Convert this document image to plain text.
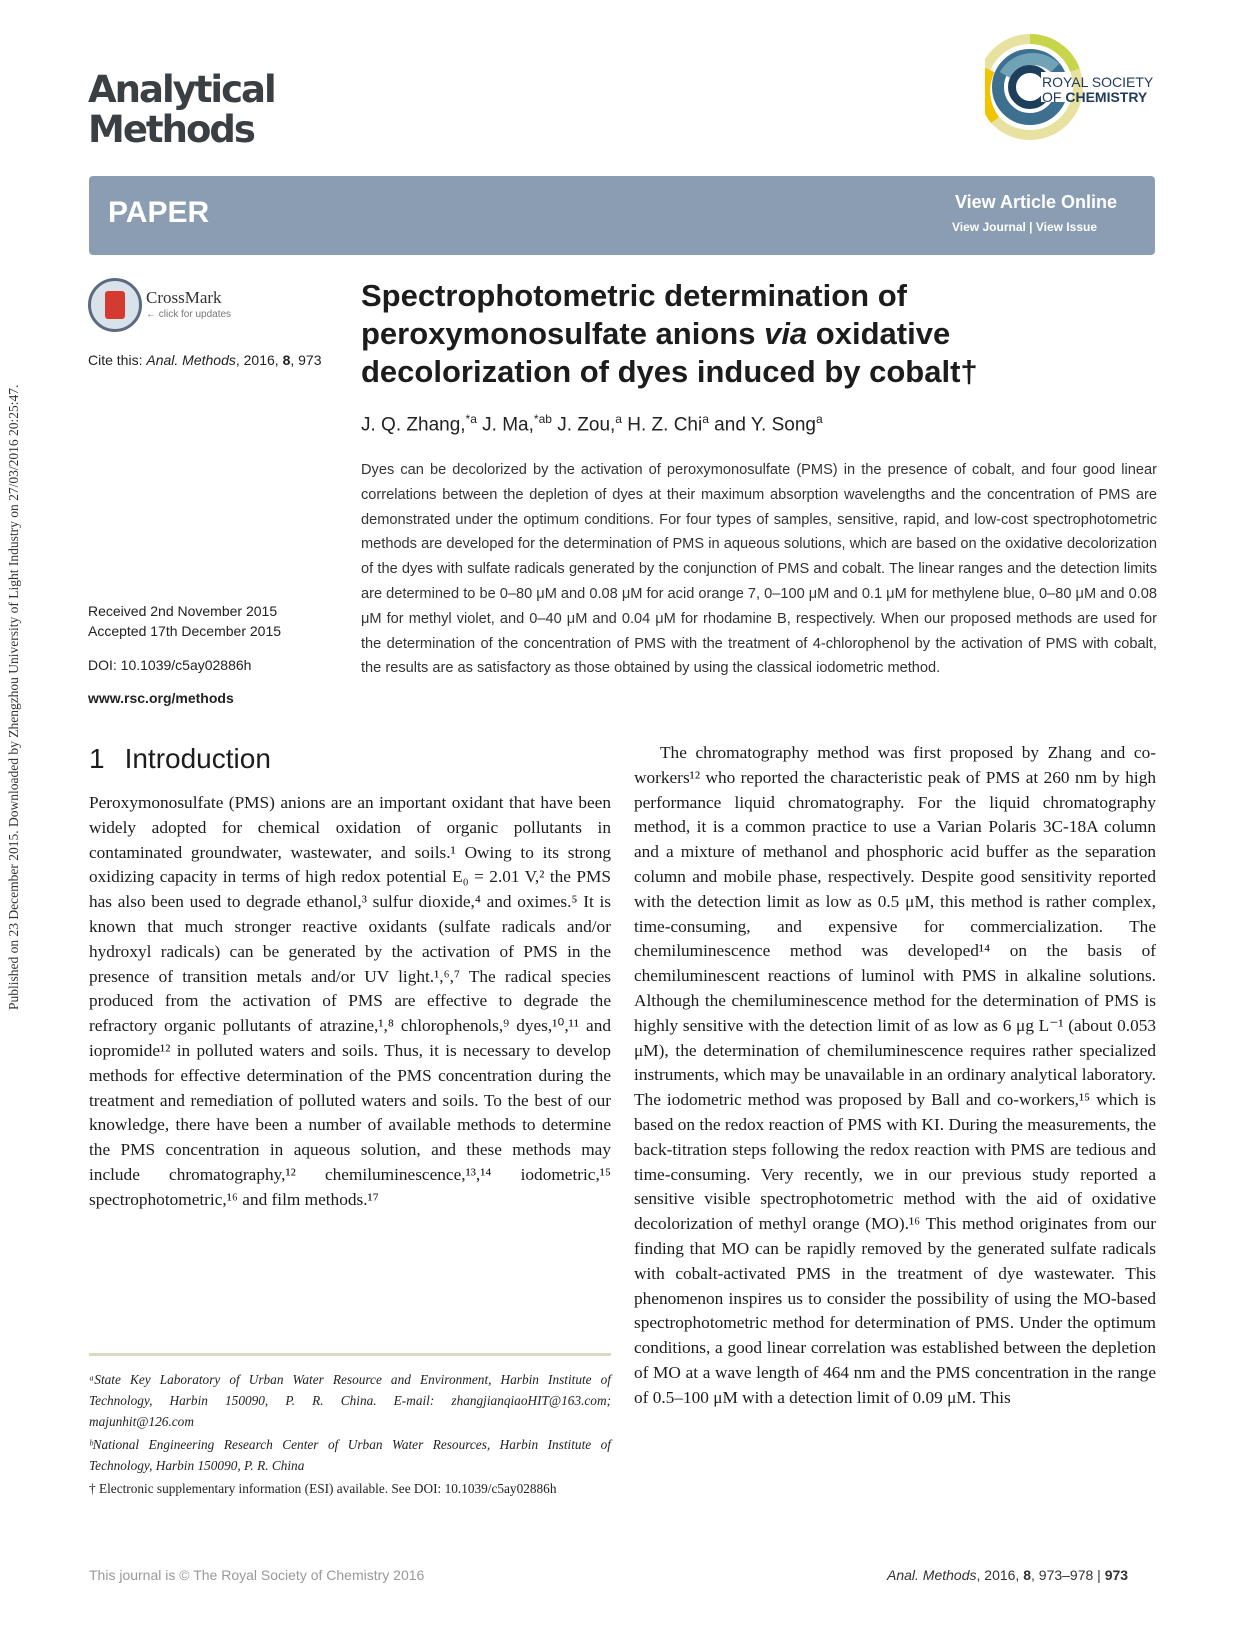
Published on 23 December 2015. Downloaded by Zhengzhou University of Light Industry on 27/03/2016 20:25:47.
Analytical
Methods
ROYAL SOCIETY
OF CHEMISTRY
PAPER	View Article Online
View Journal | View Issue
CrossMark
← click for updates
Cite this: Anal. Methods, 2016, 8, 973
Received 2nd November 2015
Accepted 17th December 2015
DOI: 10.1039/c5ay02886h
www.rsc.org/methods
Spectrophotometric determination of peroxymonosulfate anions via oxidative decolorization of dyes induced by cobalt†
J. Q. Zhang,$^{*a}$ J. Ma,$^{*ab}$ J. Zou,$^a$ H. Z. Chi$^a$ and Y. Song$^a$
Dyes can be decolorized by the activation of peroxymonosulfate (PMS) in the presence of cobalt, and four good linear correlations between the depletion of dyes at their maximum absorption wavelengths and the concentration of PMS are demonstrated under the optimum conditions. For four types of samples, sensitive, rapid, and low-cost spectrophotometric methods are developed for the determination of PMS in aqueous solutions, which are based on the oxidative decolorization of the dyes with sulfate radicals generated by the conjunction of PMS and cobalt. The linear ranges and the detection limits are determined to be 0–80 μM and 0.08 μM for acid orange 7, 0–100 μM and 0.1 μM for methylene blue, 0–80 μM and 0.08 μM for methyl violet, and 0–40 μM and 0.04 μM for rhodamine B, respectively. When our proposed methods are used for the determination of the concentration of PMS with the treatment of 4-chlorophenol by the activation of PMS with cobalt, the results are as satisfactory as those obtained by using the classical iodometric method.
1 Introduction
Peroxymonosulfate (PMS) anions are an important oxidant that have been widely adopted for chemical oxidation of organic pollutants in contaminated groundwater, wastewater, and soils.¹ Owing to its strong oxidizing capacity in terms of high redox potential E₀ = 2.01 V,² the PMS has also been used to degrade ethanol,³ sulfur dioxide,⁴ and oximes.⁵ It is known that much stronger reactive oxidants (sulfate radicals and/or hydroxyl radicals) can be generated by the activation of PMS in the presence of transition metals and/or UV light.¹,⁶,⁷ The radical species produced from the activation of PMS are effective to degrade the refractory organic pollutants of atrazine,¹,⁸ chlorophenols,⁹ dyes,¹⁰,¹¹ and iopromide¹² in polluted waters and soils. Thus, it is necessary to develop methods for effective determination of the PMS concentration during the treatment and remediation of polluted waters and soils. To the best of our knowledge, there have been a number of available methods to determine the PMS concentration in aqueous solution, and these methods may include chromatography,¹² chemiluminescence,¹³,¹⁴ iodometric,¹⁵ spectrophotometric,¹⁶ and film methods.¹⁷
The chromatography method was first proposed by Zhang and co-workers¹² who reported the characteristic peak of PMS at 260 nm by high performance liquid chromatography. For the liquid chromatography method, it is a common practice to use a Varian Polaris 3C-18A column and a mixture of methanol and phosphoric acid buffer as the separation column and mobile phase, respectively. Despite good sensitivity reported with the detection limit as low as 0.5 μM, this method is rather complex, time-consuming, and expensive for commercialization. The chemiluminescence method was developed¹⁴ on the basis of chemiluminescent reactions of luminol with PMS in alkaline solutions. Although the chemiluminescence method for the determination of PMS is highly sensitive with the detection limit of as low as 6 μg L⁻¹ (about 0.053 μM), the determination of chemiluminescence requires rather specialized instruments, which may be unavailable in an ordinary analytical laboratory. The iodometric method was proposed by Ball and co-workers,¹⁵ which is based on the redox reaction of PMS with KI. During the measurements, the back-titration steps following the redox reaction with PMS are tedious and time-consuming. Very recently, we in our previous study reported a sensitive visible spectrophotometric method with the aid of oxidative decolorization of methyl orange (MO).¹⁶ This method originates from our finding that MO can be rapidly removed by the generated sulfate radicals with cobalt-activated PMS in the treatment of dye wastewater. This phenomenon inspires us to consider the possibility of using the MO-based spectrophotometric method for determination of PMS. Under the optimum conditions, a good linear correlation was established between the depletion of MO at a wave length of 464 nm and the PMS concentration in the range of 0.5–100 μM with a detection limit of 0.09 μM. This
ᵃState Key Laboratory of Urban Water Resource and Environment, Harbin Institute of Technology, Harbin 150090, P. R. China. E-mail: zhangjianqiaoHIT@163.com; majunhit@126.com
ᵇNational Engineering Research Center of Urban Water Resources, Harbin Institute of Technology, Harbin 150090, P. R. China
† Electronic supplementary information (ESI) available. See DOI: 10.1039/c5ay02886h
This journal is © The Royal Society of Chemistry 2016	Anal. Methods, 2016, 8, 973–978 | 973
